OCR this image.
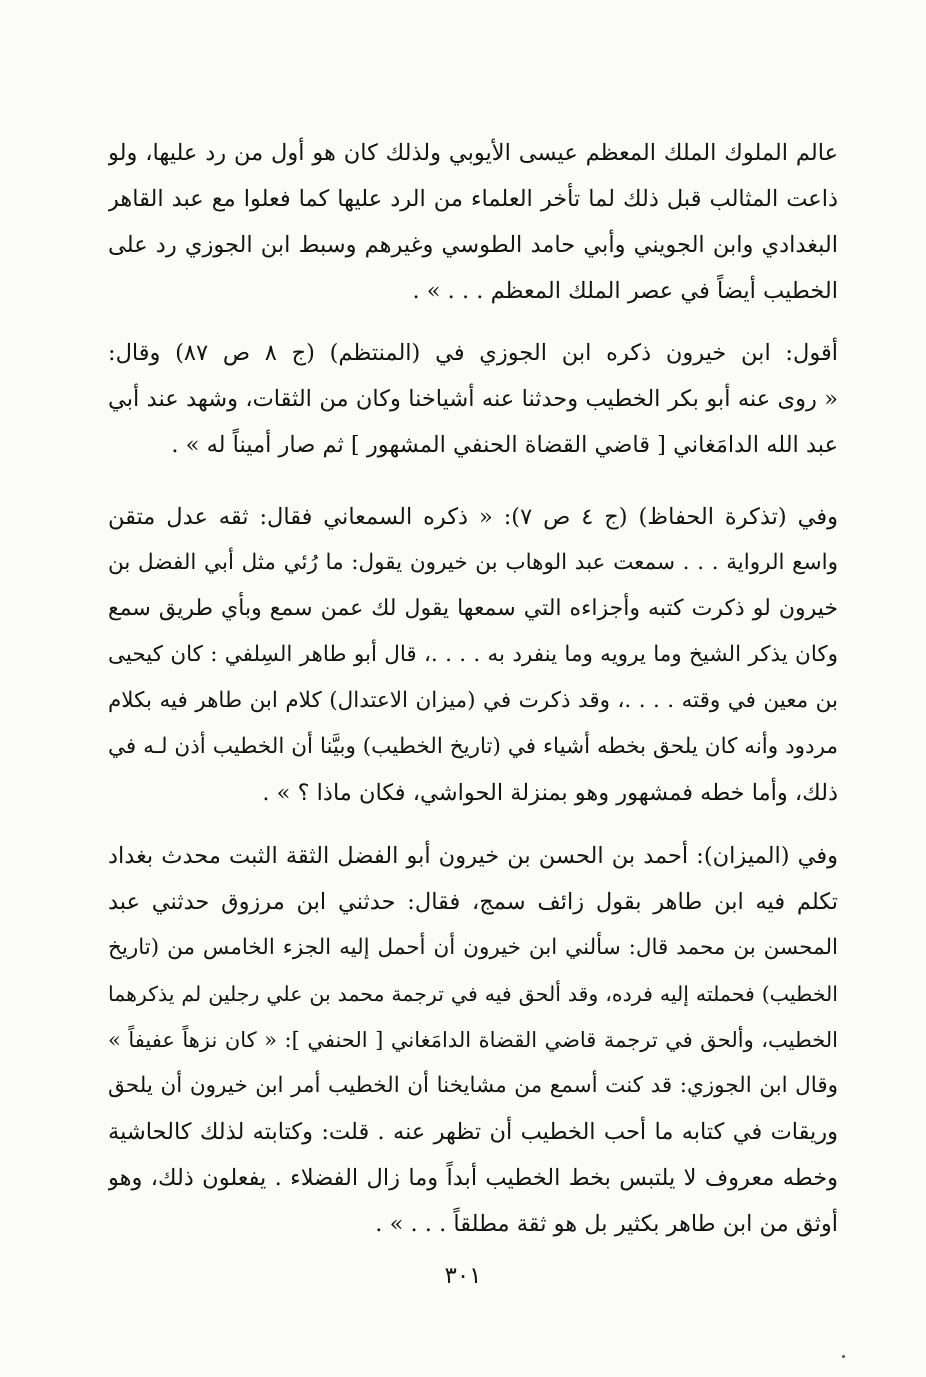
عالم الملوك الملك المعظم عيسى الأيوبي ولذلك كان هو أول من رد عليها، ولو
ذاعت المثالب قبل ذلك لما تأخر العلماء من الرد عليها كما فعلوا مع عبد القاهر
البغدادي وابن الجويني وأبي حامد الطوسي وغيرهم وسبط ابن الجوزي رد على
الخطيب أيضاً في عصر الملك المعظم . . . » .
أقول: ابن خيرون ذكره ابن الجوزي في (المنتظم) (ج ٨ ص ٨٧) وقال:
« روى عنه أبو بكر الخطيب وحدثنا عنه أشياخنا وكان من الثقات، وشهد عند أبي
عبد الله الدامَغاني [ قاضي القضاة الحنفي المشهور ] ثم صار أميناً له » .
وفي (تذكرة الحفاظ) (ج ٤ ص ٧): « ذكره السمعاني فقال: ثقه عدل متقن
واسع الرواية . . . سمعت عبد الوهاب بن خيرون يقول: ما رُئي مثل أبي الفضل بن
خيرون لو ذكرت كتبه وأجزاءه التي سمعها يقول لك عمن سمع وبأي طريق سمع
وكان يذكر الشيخ وما يرويه وما ينفرد به . . . .، قال أبو طاهر السِلفي : كان كيحيى
بن معين في وقته . . . .، وقد ذكرت في (ميزان الاعتدال) كلام ابن طاهر فيه بكلام
مردود وأنه كان يلحق بخطه أشياء في (تاريخ الخطيب) وبيَّنا أن الخطيب أذن لـه في
ذلك، وأما خطه فمشهور وهو بمنزلة الحواشي، فكان ماذا ؟ » .
وفي (الميزان): أحمد بن الحسن بن خيرون أبو الفضل الثقة الثبت محدث بغداد
تكلم فيه ابن طاهر بقول زائف سمج، فقال: حدثني ابن مرزوق حدثني عبد
المحسن بن محمد قال: سألني ابن خيرون أن أحمل إليه الجزء الخامس من (تاريخ
الخطيب) فحملته إليه فرده، وقد ألحق فيه في ترجمة محمد بن علي رجلين لم يذكرهما
الخطيب، وألحق في ترجمة قاضي القضاة الدامَغاني [ الحنفي ]: « كان نزهاً عفيفاً »
وقال ابن الجوزي: قد كنت أسمع من مشايخنا أن الخطيب أمر ابن خيرون أن يلحق
وريقات في كتابه ما أحب الخطيب أن تظهر عنه . قلت: وكتابته لذلك كالحاشية
وخطه معروف لا يلتبس بخط الخطيب أبداً وما زال الفضلاء . يفعلون ذلك، وهو
أوثق من ابن طاهر بكثير بل هو ثقة مطلقاً . . . » .
٣٠١
